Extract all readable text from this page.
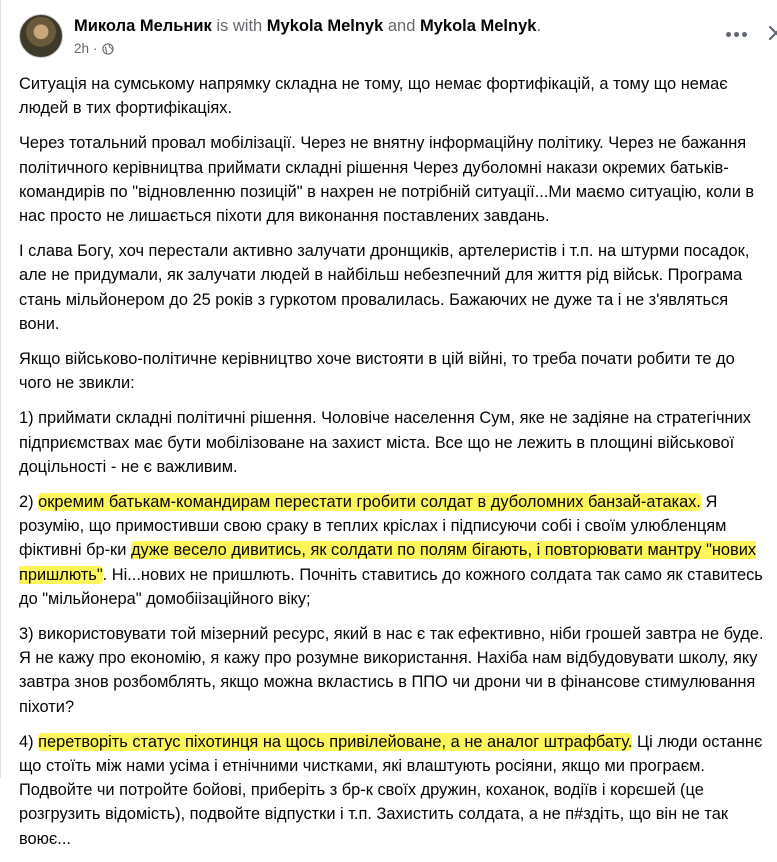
Микола Мельник is with Mykola Melnyk and Mykola Melnyk.
2h ·

Ситуація на сумському напрямку складна не тому, що немає фортифікацій, а тому що немає людей в тих фортифікаціях.

Через тотальний провал мобілізації. Через не внятну інформаційну політику. Через не бажання політичного керівництва приймати складні рішення Через дуболомні накази окремих батьків-командирів по "відновленню позицій" в нахрен не потрібній ситуації...Ми маємо ситуацію, коли в нас просто не лишається піхоти для виконання поставлених завдань.

І слава Богу, хоч перестали активно залучати дронщиків, артелеристів і т.п. на штурми посадок, але не придумали, як залучати людей в найбільш небезпечний для життя рід військ. Програма стань мільйонером до 25 років з гуркотом провалилась. Бажаючих не дуже та і не з'являться вони.

Якщо військово-політичне керівництво хоче вистояти в цій війні, то треба почати робити те до чого не звикли:

1) приймати складні політичні рішення. Чоловіче населення Сум, яке не задіяне на стратегічних підприємствах має бути мобілізоване на захист міста. Все що не лежить в площині військової доцільності - не є важливим.

2) окремим батькам-командирам перестати гробити солдат в дуболомних банзай-атаках. Я розумію, що примостивши свою сраку в теплих кріслах і підписуючи собі і своїм улюбленцям фіктивні бр-ки дуже весело дивитись, як солдати по полям бігають, і повторювати мантру "нових пришлють". Ні...нових не пришлють. Почніть ставитись до кожного солдата так само як ставитесь до "мільйонера" домобіізаційного віку;

3) використовувати той мізерний ресурс, який в нас є так ефективно, ніби грошей завтра не буде. Я не кажу про економію, я кажу про розумне використання. Нахіба нам відбудовувати школу, яку завтра знов розбомблять, якщо можна вкластись в ППО чи дрони чи в фінансове стимулювання піхоти?

4) перетворіть статус піхотинця на щось привілейоване, а не аналог штрафбату. Ці люди останнє що стоїть між нами усіма і етнічними чистками, які влаштують росіяни, якщо ми програєм. Подвойте чи потройте бойові, приберіть з бр-к своїх дружин, коханок, водіїв і корєшей (це розгрузить відомість), подвойте відпустки і т.п. Захистить солдата, а не п#здіть, що він не так воює...
